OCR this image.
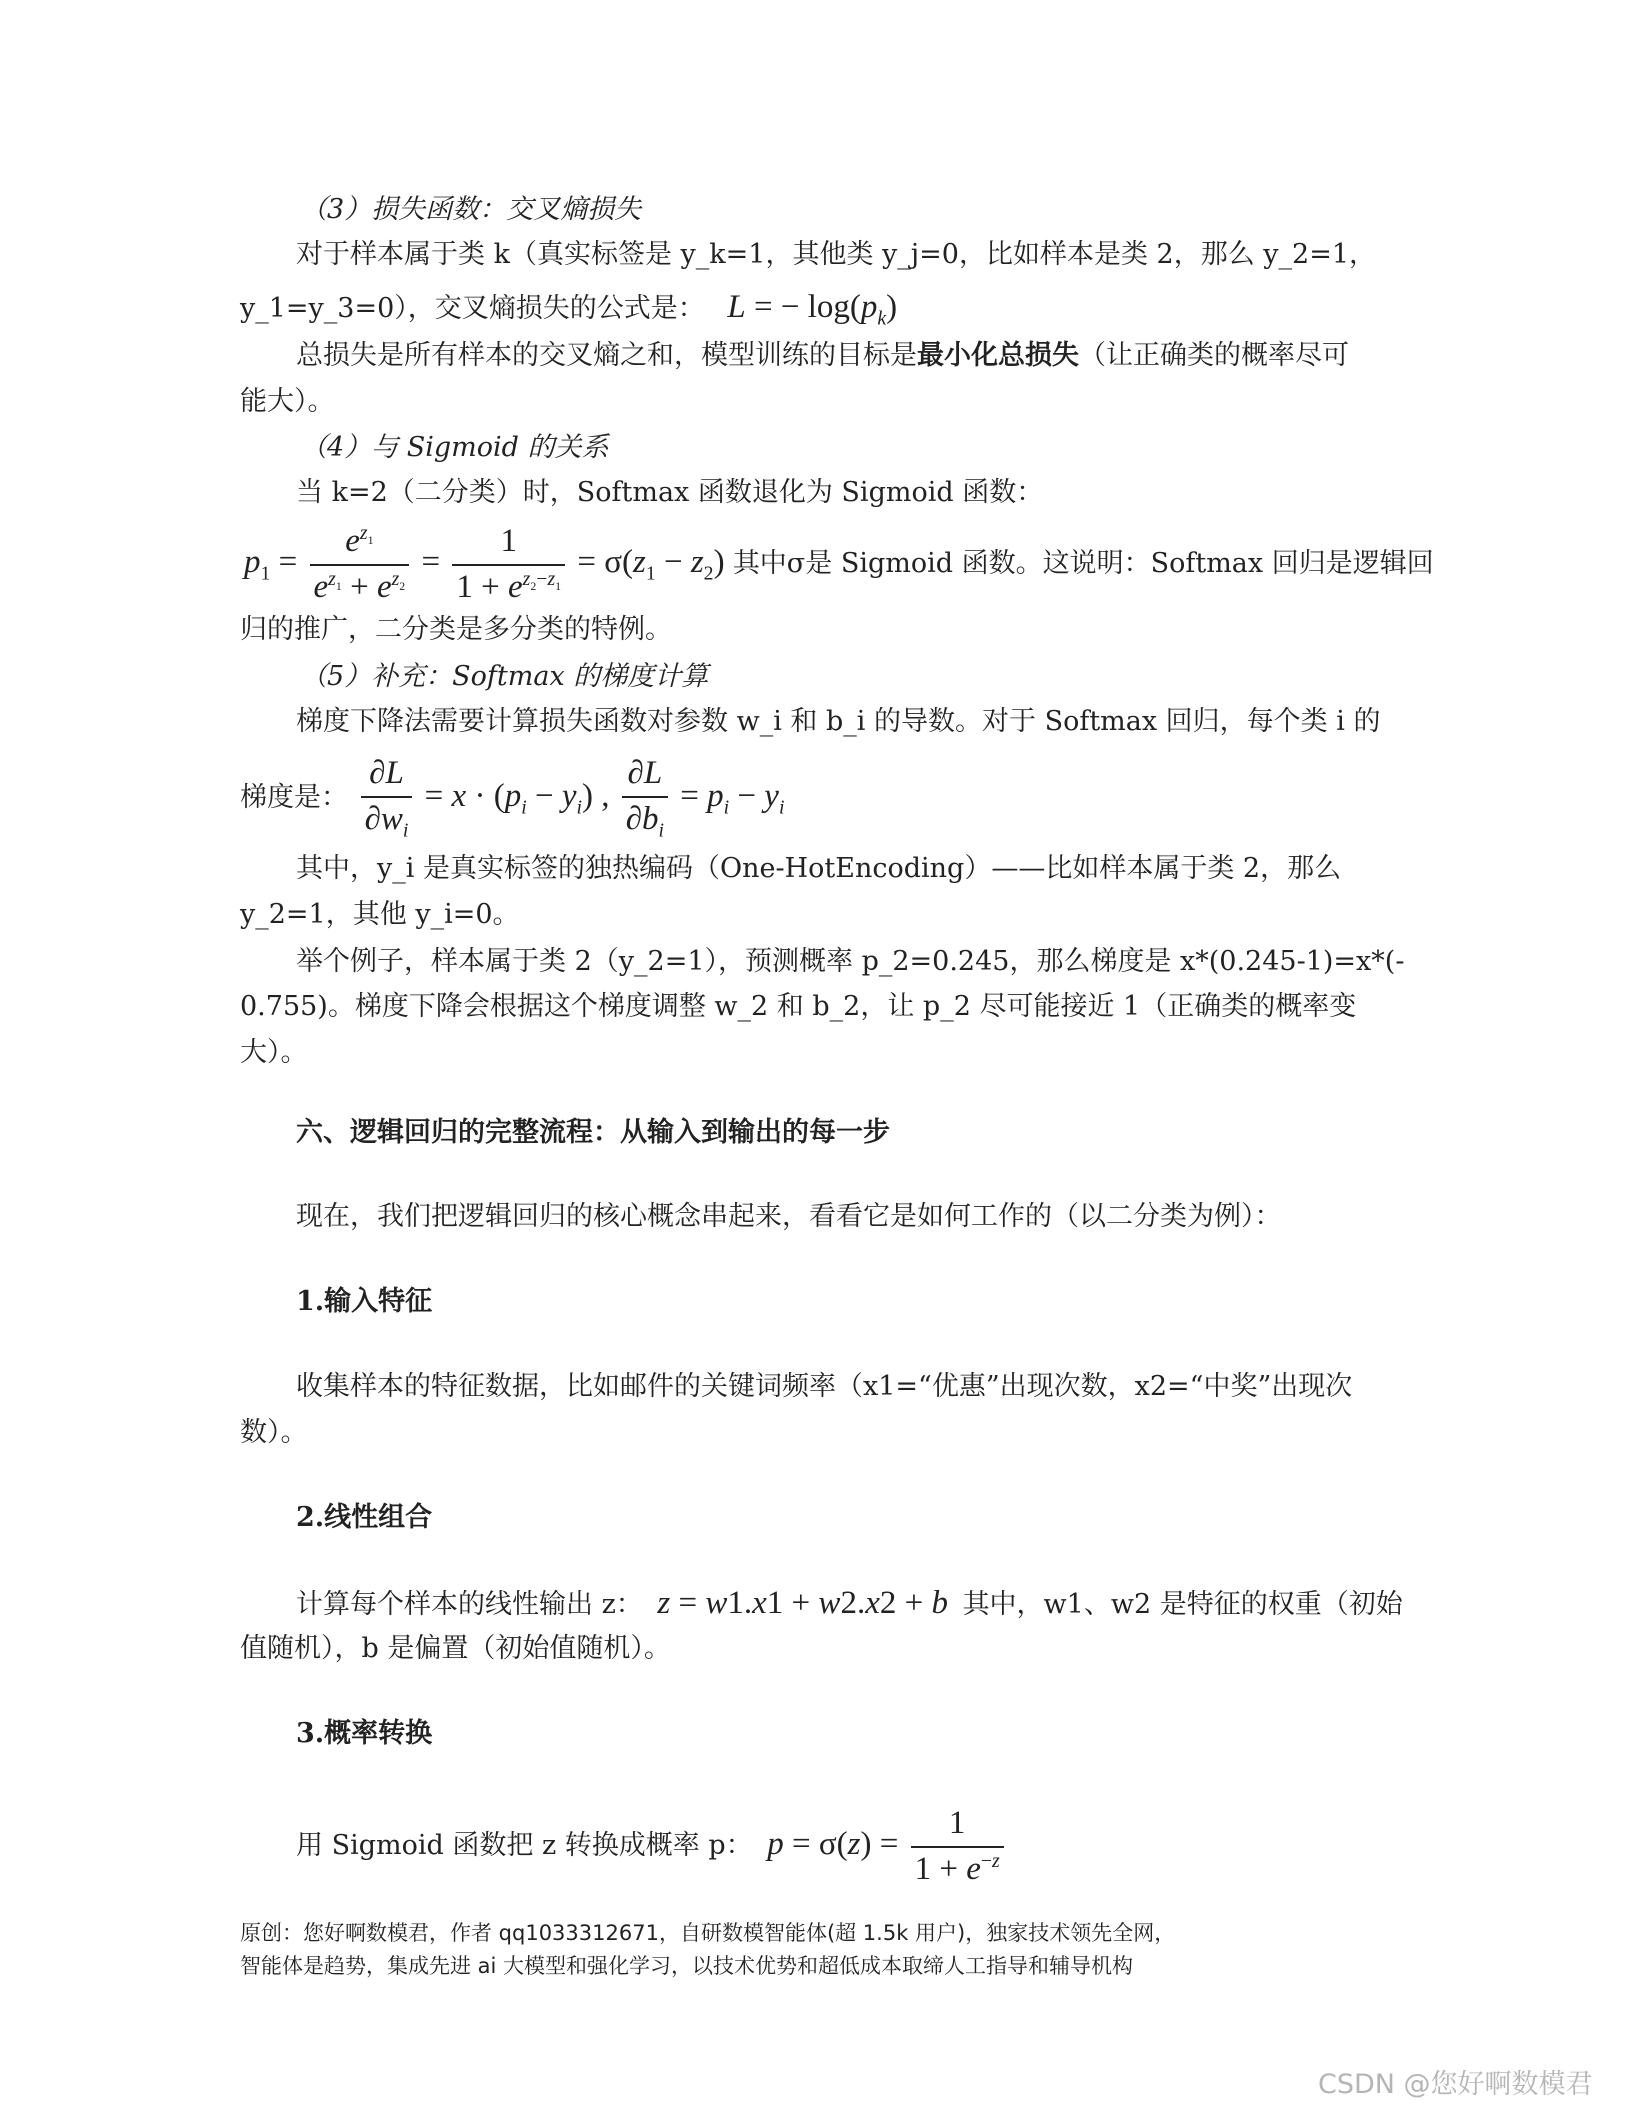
（3）损失函数：交叉熵损失
对于样本属于类 k（真实标签是 y_k=1，其他类 y_j=0，比如样本是类 2，那么 y_2=1，
y_1=y_3=0），交叉熵损失的公式是： L = − $\log(p_k)$
总损失是所有样本的交叉熵之和，模型训练的目标是最小化总损失（让正确类的概率尽可
能大）。
（4）与 Sigmoid 的关系
当 k=2（二分类）时，Softmax 函数退化为 Sigmoid 函数：
$p_1 = \frac{e^{z_1}}{e^{z_1} + e^{z_2}} = \frac{1}{1 + e^{z_2-z_1}} = \sigma(z_1 - z_2)$ 其中σ是 Sigmoid 函数。这说明：Softmax 回归是逻辑回
归的推广，二分类是多分类的特例。
（5）补充：Softmax 的梯度计算
梯度下降法需要计算损失函数对参数 w_i 和 b_i 的导数。对于 Softmax 回归，每个类 i 的
梯度是： $\frac{\partial L}{\partial w_i} = x \cdot (p_i - y_i)$ , $\frac{\partial L}{\partial b_i} = p_i - y_i$
其中，y_i 是真实标签的独热编码（One-HotEncoding）——比如样本属于类 2，那么
y_2=1，其他 y_i=0。
举个例子，样本属于类 2（y_2=1），预测概率 p_2=0.245，那么梯度是 x*(0.245-1)=x*(-
0.755)。梯度下降会根据这个梯度调整 w_2 和 b_2，让 p_2 尽可能接近 1（正确类的概率变
大）。
六、逻辑回归的完整流程：从输入到输出的每一步
现在，我们把逻辑回归的核心概念串起来，看看它是如何工作的（以二分类为例）：
1.输入特征
收集样本的特征数据，比如邮件的关键词频率（x1=“优惠”出现次数，x2=“中奖”出现次
数）。
2.线性组合
计算每个样本的线性输出 z： z = w1.x1 + w2.x2 + b 其中，w1、w2 是特征的权重（初始
值随机），b 是偏置（初始值随机）。
3.概率转换
用 Sigmoid 函数把 z 转换成概率 p： $p = \sigma(z) = \frac{1}{1 + e^{-z}}$
原创：您好啊数模君，作者 qq1033312671，自研数模智能体(超 1.5k 用户)，独家技术领先全网，
智能体是趋势，集成先进 ai 大模型和强化学习，以技术优势和超低成本取缔人工指导和辅导机构
CSDN @您好啊数模君
